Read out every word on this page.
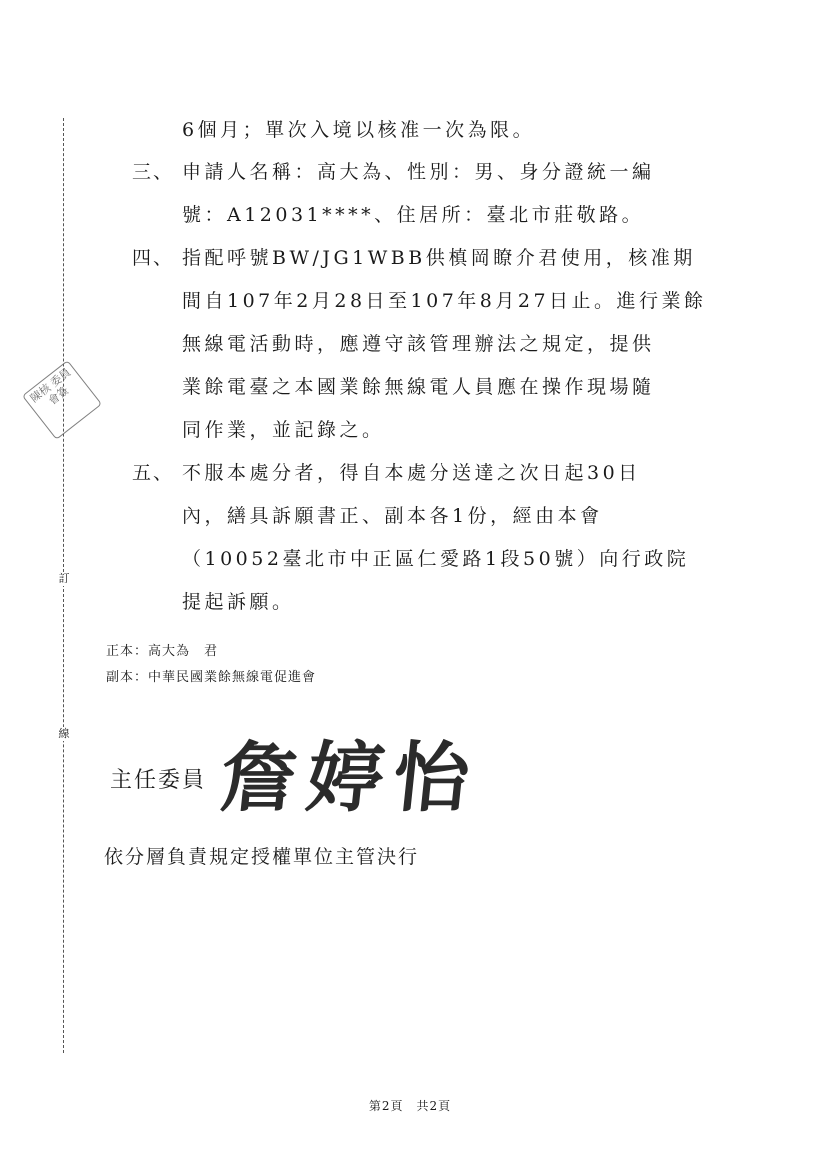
訂
線
陳核 委員 會簽
6個月；單次入境以核准一次為限。
三、 申請人名稱：高大為、性別：男、身分證統一編
號：A12031****、住居所：臺北市莊敬路。
四、 指配呼號BW/JG1WBB供槙岡瞭介君使用，核准期
間自107年2月28日至107年8月27日止。進行業餘
無線電活動時，應遵守該管理辦法之規定，提供
業餘電臺之本國業餘無線電人員應在操作現場隨
同作業，並記錄之。
五、 不服本處分者，得自本處分送達之次日起30日
內，繕具訴願書正、副本各1份，經由本會
（10052臺北市中正區仁愛路1段50號）向行政院
提起訴願。
正本：高大為　君
副本：中華民國業餘無線電促進會
主任委員 詹婷怡
依分層負責規定授權單位主管決行
第2頁　共2頁
